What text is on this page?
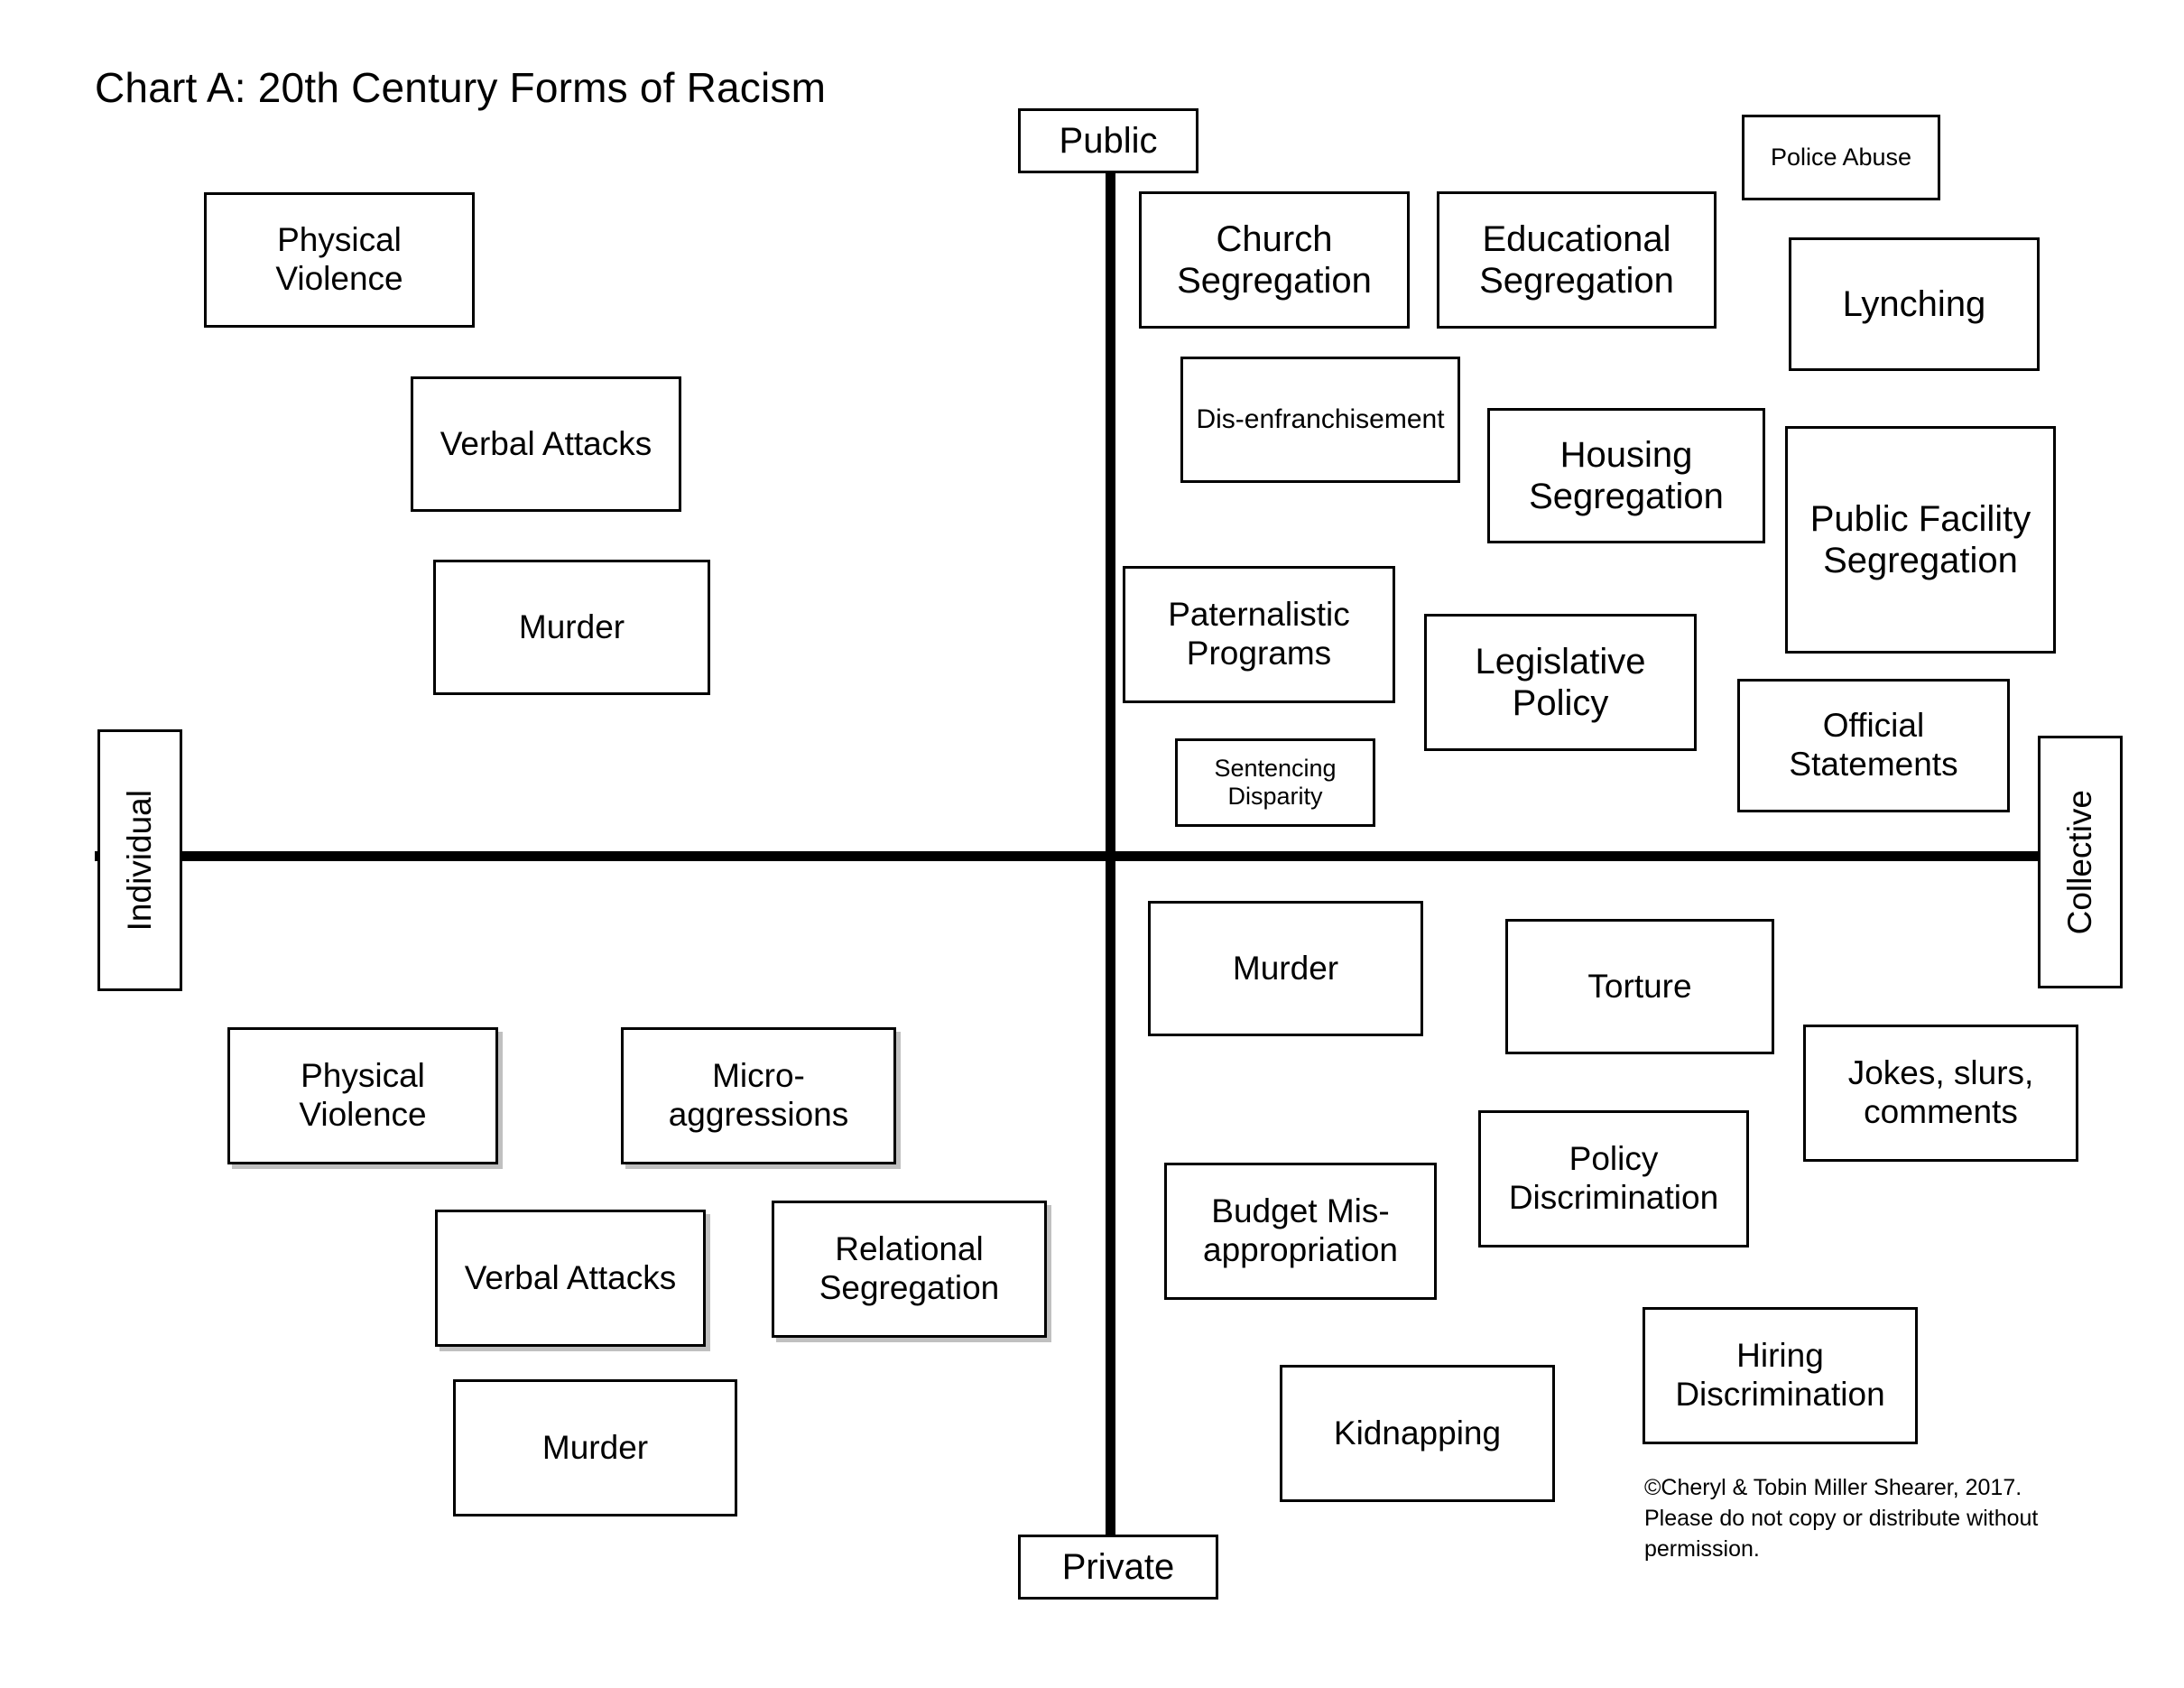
Chart A: 20th Century Forms of Racism
Public
Private
Individual	Collective
Physical Violence
Verbal Attacks
Murder
Church Segregation
Educational Segregation
Police Abuse
Lynching
Dis-enfranchisement
Housing Segregation
Public Facility Segregation
Paternalistic Programs	Legislative Policy
Official Statements
Sentencing Disparity
Physical Violence
Micro-aggressions
Verbal Attacks
Relational Segregation
Murder
Murder	Torture
Jokes, slurs, comments
Budget Mis-appropriation
Policy Discrimination
Kidnapping
Hiring Discrimination
©Cheryl & Tobin Miller Shearer, 2017. Please do not copy or distribute without permission.
